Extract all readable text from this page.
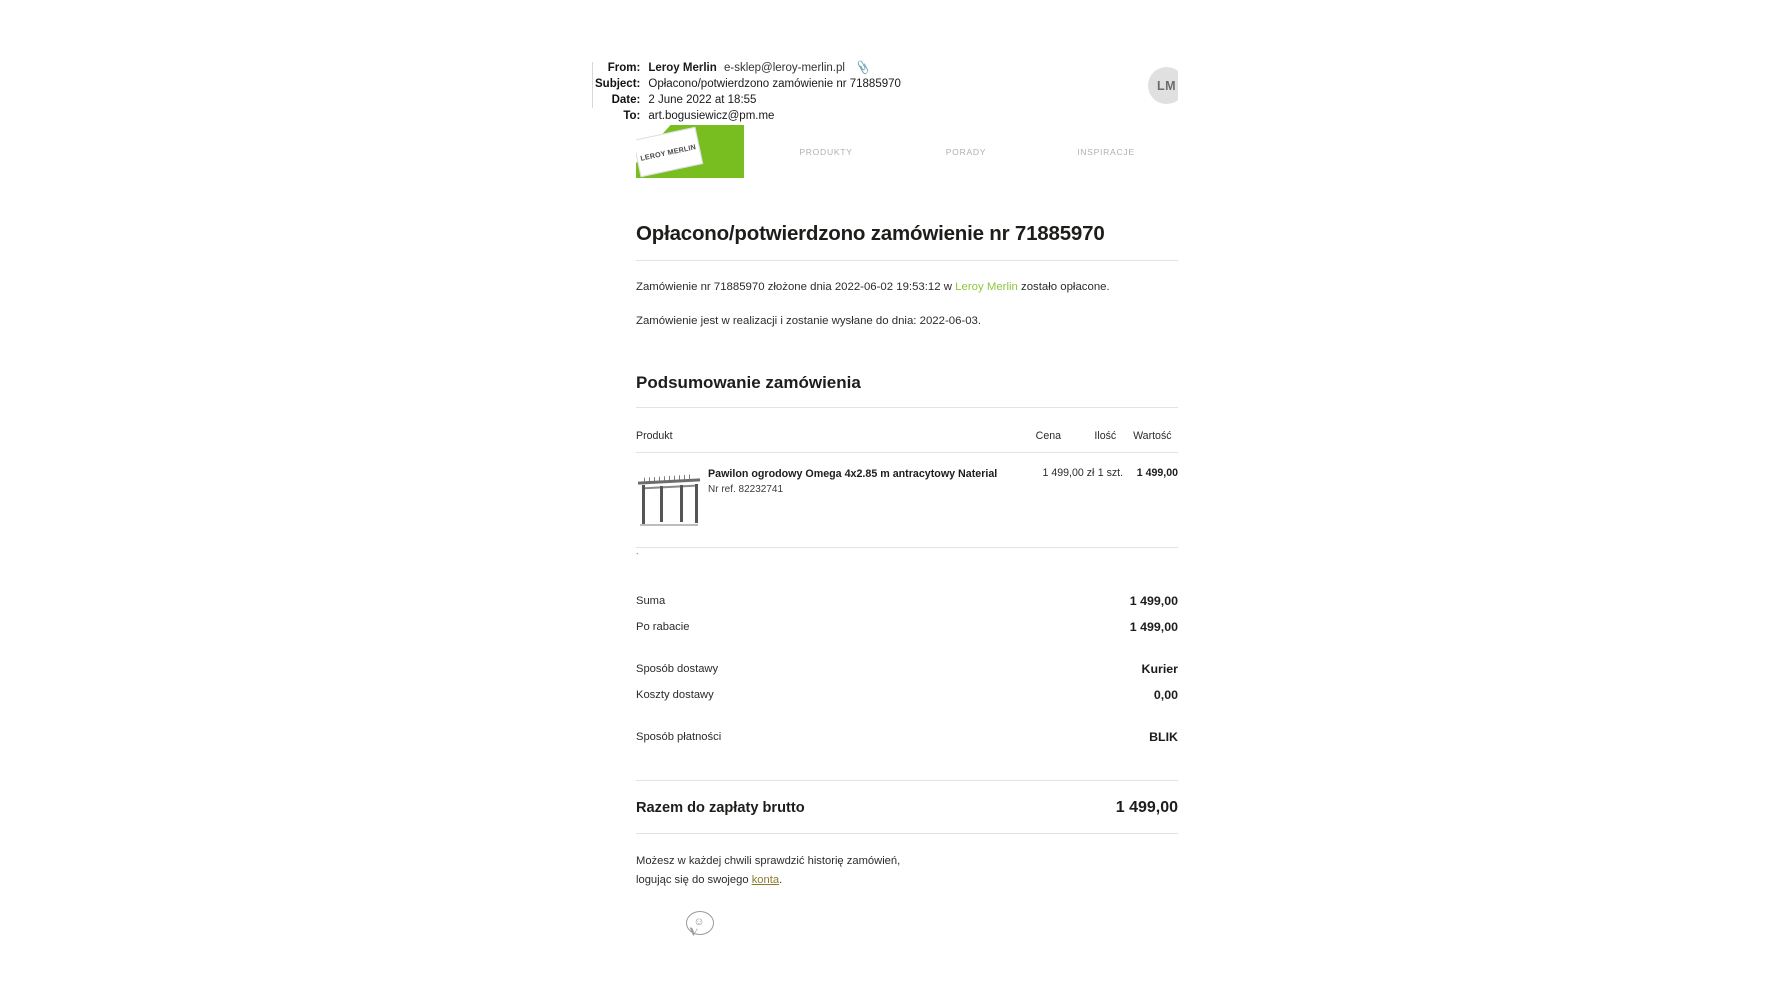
From:	Leroy Merlin e-sklep@leroy-merlin.pl 📎
Subject:	Opłacono/potwierdzono zamówienie nr 71885970
Date:	2 June 2022 at 18:55
To:	art.bogusiewicz@pm.me
LM
LEROY MERLIN	PRODUKTY	PORADY	INSPIRACJE
Opłacono/potwierdzono zamówienie nr 71885970

Zamówienie nr 71885970 złożone dnia 2022-06-02 19:53:12 w Leroy Merlin zostało opłacone.

Zamówienie jest w realizacji i zostanie wysłane do dnia: 2022-06-03.

Podsumowanie zamówienia
Produkt		Cena	Ilość	Wartość

	Pawilon ogrodowy Omega 4x2.85 m antracytowy Naterial
Nr ref. 82232741	1 499,00 zł	1 szt.	1 499,00
`
Suma	1 499,00
Po rabacie	1 499,00
Sposób dostawy	Kurier
Koszty dostawy	0,00
Sposób płatności	BLIK
Razem do zapłaty brutto	1 499,00
Możesz w każdej chwili sprawdzić historię zamówień,
logując się do swojego konta.
☺
